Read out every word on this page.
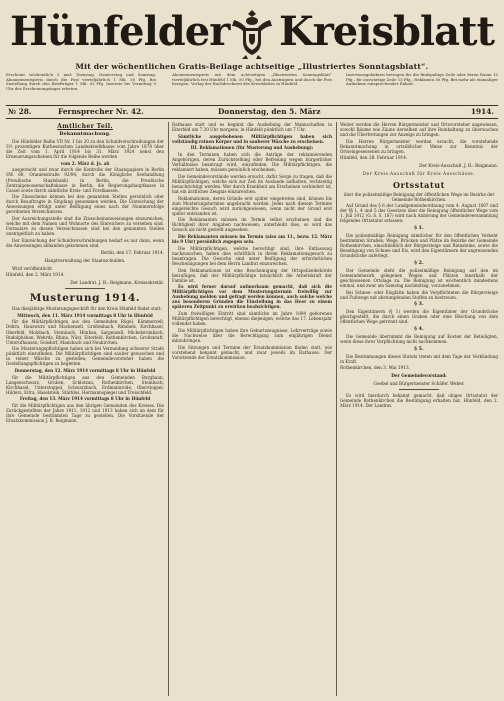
Hünfelder Kreisblatt
Mit der wöchentlichen Gratis-Beilage achtseitige „Illustriertes Sonntagsblatt“.
Erscheint wöchentlich 3 mal: Dienstag, Donnerstag und Samstag. Abonnementspreis durch die Post vierteljährlich 1 Mk. 50 Pfg. Bei Zustellung durch den Briefträger 1 Mk. 92 Pfg. Inserate bis Vormittag 9 Uhr des Erscheinungstages erbeten.
Abonnementspreis mit dem achtseitigen „Illustrierten Sonntagsblatt“ vierteljährlich frei Hünfeld 1 Mk. 50 Pfg., bei den Austrägern und durch die Post bezogen. Verlag der Buchdruckerei des Kreisblattes in Hünfeld.
Insertionsgebühren betragen für die fünfspaltige Zeile oder deren Raum 10 Pfg., für auswärtige Zeile 15 Pfg., Reklamen 30 Pfg. Bei mehr als einmaliger Aufnahme entsprechender Rabatt.
№ 28.	Fernsprecher Nr. 42.	Donnerstag, den 5. März	1914.
Amtlicher Teil.
Bekanntmachung.

Die Hünfelder Reihe VII Nr. 1 bis 20 zu den Schuldverschreibungen der 3½ prozentigen Kurhessischen Landeskreditkasse vom Jahre 1878 über die Zeit vom 1. April 1914 bis 31. März 1924 nebst den Erneuerungsscheinen für die folgende Reihe werden

vom 2. März d. Js. ab

ausgereicht und zwar durch die Kontrolle der Staatspapiere in Berlin SW. 68, Oranienstraße 92/94, durch die Königliche Seehandlung (Preußische Staatsbank) in Berlin, die Preußische Zentralgenossenschaftskasse in Berlin, die Regierungshauptkasse in Cassel sowie durch sämtliche Kreis- und Forstkassen.

Die Zinsscheine können bei den genannten Stellen persönlich oder durch Beauftragte in Empfang genommen werden. Die Einreichung der Anweisungen erfolgt unter Beifügung eines nach der Nummernfolge geordneten Verzeichnisses.

Der Ausreichungsstelle sind die Zinsscheinanweisungen einzureichen, welche mit dem Namen und Wohnorte des Einreichers zu versehen sind. Formulare zu diesen Verzeichnissen sind bei den genannten Stellen unentgeltlich zu haben.

Der Einreichung der Schuldverschreibungen bedarf es nur dann, wenn die Anweisungen abhanden gekommen sind.

Berlin, den 17. Februar 1914.
Hauptverwaltung der Staatsschulden.

Wird veröffentlicht.

Hünfeld, den 2. März 1914.
Der Landrat. J. B.: Reigmann, Kreissekretär.
Musterung 1914.

Das diesjährige Musterungsgeschäft für den Kreis Hünfeld findet statt:

Mittwoch, den 11. März 1914 vormittags 8 Uhr in Hünfeld

für die Militärpflichtigen aus den Gemeinden Rögel, Kämmerzell, Dehrn, Hauswurz und Mackenzell, Großenbach, Rimmels, Kirchhasel, Oberfeld, Molzbach, Steinbach, Hünhan, Sargenzell, Michelsrombach, Rudolphshan, Wehrda, Rhina, Nüst, Eiterfeld, Rothenkirchen, Großentaft, Unterufhausen, Soisdorf, Mansbach und Neukirchen.

Die Musterungspflichtigen haben sich bei Vermeidung schwerer Strafe pünktlich einzufinden. Die Militärpflichtigen sind sauber gewaschen und in reiner Wäsche zu gestellen; Gemeindevorsteher haben die Gestellungspflichtigen zu begleiten.

Donnerstag, den 12. März 1914 vormittags 8 Uhr in Hünfeld

für die Militärpflichtigen aus den Gemeinden Burghaun, Langenschwarz, Gruben, Schlotzau, Rothenkirchen, Steinbach, Kirchhasel, Unterstoppel, Schwarzbach, Erdmannrode, Oberstoppel, Hilders, Eitra, Haselstein, Stärklos, Hermannspiegel und Treischfeld.

Freitag, den 13. März 1914 vormittags 8 Uhr in Hünfeld

für die Militärpflichtigen aus den übrigen Gemeinden des Kreises. Die Zurückgestellten der Jahre 1911, 1912 und 1913 haben sich an dem für ihre Gemeinde bestimmten Tage zu gestellen. Die Vorsitzende der Ersatzkommission J. B. Reigmann.

Rathause statt und es beginnt die Aushebung der Mannschaften in Eiterfeld um 7.30 Uhr morgens, in Hünfeld pünktlich um 7 Uhr.

Sämtliche ausgehobenen Militärpflichtigen haben sich vollständig reinen Körper und in sauberer Wäsche zu erscheinen.

III. Reklamationen (für Musterung und Aushebung):

In den Terminen haben sich die Anträge der reklamierenden Angehörigen, deren Zurückstellung oder Befreiung wegen bürgerlicher Verhältnisse beantragt wird, einzufinden. Die Militärpflichtigen, die reklamiert haben, müssen persönlich erscheinen.

Die Gemeindevorstände werden ersucht, dafür Sorge zu tragen, daß die Militärpflichtigen, welche sich zur Zeit im Auslande aufhalten, rechtzeitig benachrichtigt werden. Wer durch Krankheit am Erscheinen verhindert ist, hat ein ärztliches Zeugnis einzureichen.

Reklamationen, deren Gründe erst später eingetreten sind, können bis zum Musterungstermine angebracht werden. Jedes nach diesem Termine eingereichte Gesuch wird zurückgewiesen, wenn nicht der Grund erst später entstanden ist.

Die Reklamanten müssen im Termin selbst erscheinen und die Richtigkeit ihrer Angaben nachweisen; unterbleibt dies, so wird das Gesuch als nicht gestellt angesehen.

Die Reklamanten müssen im Termin (also am 11., bezw. 12. März bis 9 Uhr) persönlich zugegen sein.

Die Militärpflichtigen, welche berechtigt sind, ihre Entlassung nachzusuchen, haben dies schriftlich in ihrem Reklamationsgesuch zu beantragen. Die Gesuche sind unter Beifügung der erforderlichen Bescheinigungen bei dem Herrn Landrat einzureichen.

Den Reklamationen ist eine Bescheinigung der Ortspolizeibehörde beizufügen, daß der Militärpflichtige tatsächlich die Arbeitskraft der Familie ist.

Es wird ferner darauf aufmerksam gemacht, daß sich die Militärpflichtigen vor dem Musterungstermin freiwillig zur Aushebung melden und gefragt werden können, auch solche welche aus besonderen Gründen die Einstellung in das Heer zu einem späteren Zeitpunkt zu erwirken beabsichtigen.

Zum freiwilligen Eintritt sind sämtliche im Jahre 1894 geborenen Militärpflichtigen berechtigt, ebenso diejenigen, welche das 17. Lebensjahr vollendet haben.

Die Militärpflichtigen haben ihre Geburtszeugnisse, Lehrverträge sowie die Nachweise über die Berechtigung zum einjährigen Dienst mitzubringen.

Die Sitzungen und Termine der Ersatzkommission finden statt, wie vorstehend bekannt gemacht, und zwar jeweils im Rathause. Der Vorsitzende der Ersatzkommission.

Weiter werden die Herren Bürgermeister und Ortsvorsteher angewiesen, sowohl Bäume wie Zäune derselben auf ihre Reinhaltung zu überwachen und die Übertretungen zur Anzeige zu bringen.

Die Herren Bürgermeister werden ersucht, die vorstehende Bekanntmachung in ortsüblicher Weise zur Kenntnis der Ortseingesessenen zu bringen.

Hünfeld, den 28. Februar 1914.
Der Kreis-Ausschuß. J. B.: Reigmann.

Der Kreis-Ausschuß für Kreis-Ausschüsse.

Ortsstatut

über die polizeimäßige Reinigung der öffentlichen Wege im Bezirke der Gemeinde Rothenkirchen.

Auf Grund des § 6 der Landgemeindeordnung vom 4. August 1897 und der §§ 1, 4 und 5 des Gesetzes über die Reinigung öffentlicher Wege vom 1. Juli 1912 (G. S. S. 187) wird nach Anhörung der Gemeindeversammlung folgendes Ortsstatut erlassen:

§ 1.

Die polizeimäßige Reinigung sämtlicher für den öffentlichen Verkehr bestimmten Straßen, Wege, Brücken und Plätze im Bezirke der Gemeinde Rothenkirchen, einschließlich der Bürgersteige und Rinnsteine, sowie die Beseitigung von Schnee und Eis, wird den Eigentümern der angrenzenden Grundstücke auferlegt.

§ 2.

Der Gemeinde steht die polizeimäßige Reinigung auf den im Gemeindebezirk gelegenen Wegen und Plätzen innerhalb der geschlossenen Ortslage zu. Die Reinigung ist wöchentlich mindestens einmal, und zwar am Samstag nachmittag, vorzunehmen.

Bei Schnee- oder Eisglätte haben die Verpflichteten die Bürgersteige und Fußwege mit abstumpfenden Stoffen zu bestreuen.

§ 3.

Den Eigentümern (§ 1) werden die Eigentümer der Grundstücke gleichgestellt, die durch einen Graben oder eine Böschung von dem öffentlichen Wege getrennt sind.

§ 4.

Die Gemeinde übernimmt die Reinigung auf Kosten der Beteiligten, wenn diese ihrer Verpflichtung nicht nachkommen.

§ 5.

Die Bestimmungen dieses Statuts treten mit dem Tage der Verkündung in Kraft.

Rothenkirchen, den 3. Mai 1913.
Der Gemeindevorstand:
Goebel und Bürgermeister Schäfer. Weber.

Es wird hierdurch bekannt gemacht, daß obiges Ortsstatut der Gemeinde Rothenkirchen die Bestätigung erhalten hat. Hünfeld, den 2. März 1914. Der Landrat.
